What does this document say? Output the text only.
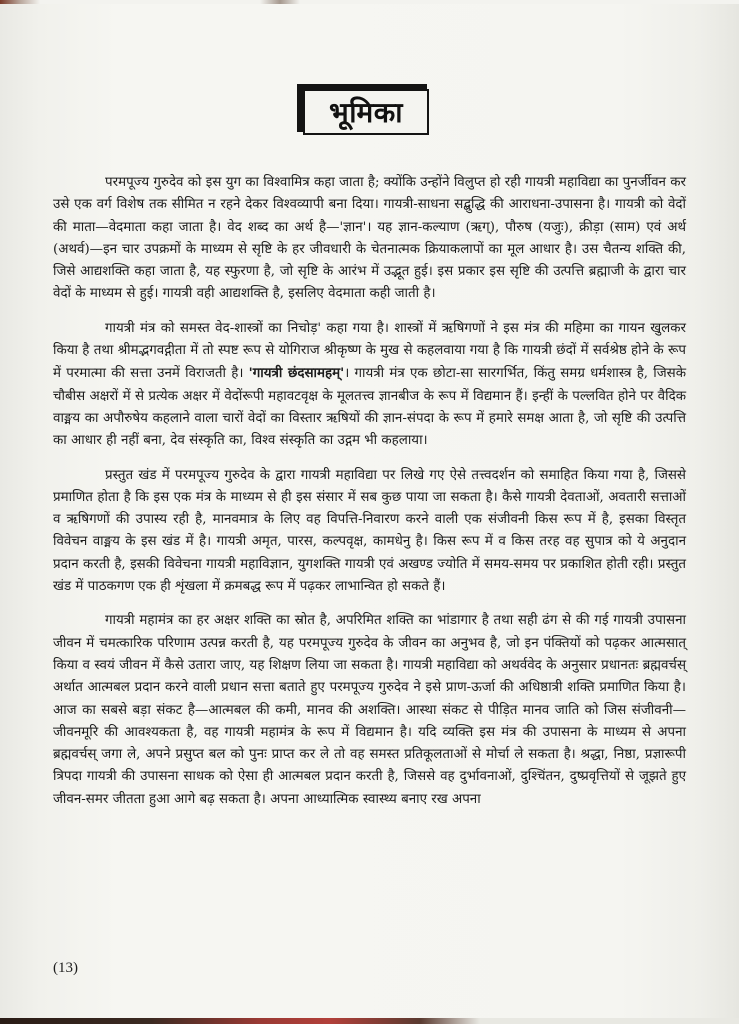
भूमिका

परमपूज्य गुरुदेव को इस युग का विश्वामित्र कहा जाता है; क्योंकि उन्होंने विलुप्त हो रही गायत्री महाविद्या का पुनर्जीवन कर उसे एक वर्ग विशेष तक सीमित न रहने देकर विश्वव्यापी बना दिया। गायत्री-साधना सद्बुद्धि की आराधना-उपासना है। गायत्री को वेदों की माता—वेदमाता कहा जाता है। वेद शब्द का अर्थ है—'ज्ञान'। यह ज्ञान-कल्याण (ऋग्), पौरुष (यजुः), क्रीड़ा (साम) एवं अर्थ (अथर्व)—इन चार उपक्रमों के माध्यम से सृष्टि के हर जीवधारी के चेतनात्मक क्रियाकलापों का मूल आधार है। उस चैतन्य शक्ति की, जिसे आद्यशक्ति कहा जाता है, यह स्फुरणा है, जो सृष्टि के आरंभ में उद्भूत हुई। इस प्रकार इस सृष्टि की उत्पत्ति ब्रह्माजी के द्वारा चार वेदों के माध्यम से हुई। गायत्री वही आद्यशक्ति है, इसलिए वेदमाता कही जाती है।

गायत्री मंत्र को समस्त वेद-शास्त्रों का निचोड़' कहा गया है। शास्त्रों में ऋषिगणों ने इस मंत्र की महिमा का गायन खुलकर किया है तथा श्रीमद्भगवद्गीता में तो स्पष्ट रूप से योगिराज श्रीकृष्ण के मुख से कहलवाया गया है कि गायत्री छंदों में सर्वश्रेष्ठ होने के रूप में परमात्मा की सत्ता उनमें विराजती है। 'गायत्री छंदसामहम्'। गायत्री मंत्र एक छोटा-सा सारगर्भित, किंतु समग्र धर्मशास्त्र है, जिसके चौबीस अक्षरों में से प्रत्येक अक्षर में वेदोंरूपी महावटवृक्ष के मूलतत्त्व ज्ञानबीज के रूप में विद्यमान हैं। इन्हीं के पल्लवित होने पर वैदिक वाङ्मय का अपौरुषेय कहलाने वाला चारों वेदों का विस्तार ऋषियों की ज्ञान-संपदा के रूप में हमारे समक्ष आता है, जो सृष्टि की उत्पत्ति का आधार ही नहीं बना, देव संस्कृति का, विश्व संस्कृति का उद्गम भी कहलाया।

प्रस्तुत खंड में परमपूज्य गुरुदेव के द्वारा गायत्री महाविद्या पर लिखे गए ऐसे तत्त्वदर्शन को समाहित किया गया है, जिससे प्रमाणित होता है कि इस एक मंत्र के माध्यम से ही इस संसार में सब कुछ पाया जा सकता है। कैसे गायत्री देवताओं, अवतारी सत्ताओं व ऋषिगणों की उपास्य रही है, मानवमात्र के लिए वह विपत्ति-निवारण करने वाली एक संजीवनी किस रूप में है, इसका विस्तृत विवेचन वाङ्मय के इस खंड में है। गायत्री अमृत, पारस, कल्पवृक्ष, कामधेनु है। किस रूप में व किस तरह वह सुपात्र को ये अनुदान प्रदान करती है, इसकी विवेचना गायत्री महाविज्ञान, युगशक्ति गायत्री एवं अखण्ड ज्योति में समय-समय पर प्रकाशित होती रही। प्रस्तुत खंड में पाठकगण एक ही शृंखला में क्रमबद्ध रूप में पढ़कर लाभान्वित हो सकते हैं।

गायत्री महामंत्र का हर अक्षर शक्ति का स्रोत है, अपरिमित शक्ति का भांडागार है तथा सही ढंग से की गई गायत्री उपासना जीवन में चमत्कारिक परिणाम उत्पन्न करती है, यह परमपूज्य गुरुदेव के जीवन का अनुभव है, जो इन पंक्तियों को पढ़कर आत्मसात् किया व स्वयं जीवन में कैसे उतारा जाए, यह शिक्षण लिया जा सकता है। गायत्री महाविद्या को अथर्ववेद के अनुसार प्रधानतः ब्रह्मवर्चस् अर्थात आत्मबल प्रदान करने वाली प्रधान सत्ता बताते हुए परमपूज्य गुरुदेव ने इसे प्राण-ऊर्जा की अधिष्ठात्री शक्ति प्रमाणित किया है। आज का सबसे बड़ा संकट है—आत्मबल की कमी, मानव की अशक्ति। आस्था संकट से पीड़ित मानव जाति को जिस संजीवनी—जीवनमूरि की आवश्यकता है, वह गायत्री महामंत्र के रूप में विद्यमान है। यदि व्यक्ति इस मंत्र की उपासना के माध्यम से अपना ब्रह्मवर्चस् जगा ले, अपने प्रसुप्त बल को पुनः प्राप्त कर ले तो वह समस्त प्रतिकूलताओं से मोर्चा ले सकता है। श्रद्धा, निष्ठा, प्रज्ञारूपी त्रिपदा गायत्री की उपासना साधक को ऐसा ही आत्मबल प्रदान करती है, जिससे वह दुर्भावनाओं, दुश्चिंतन, दुष्प्रवृत्तियों से जूझते हुए जीवन-समर जीतता हुआ आगे बढ़ सकता है। अपना आध्यात्मिक स्वास्थ्य बनाए रख अपना

(13)
